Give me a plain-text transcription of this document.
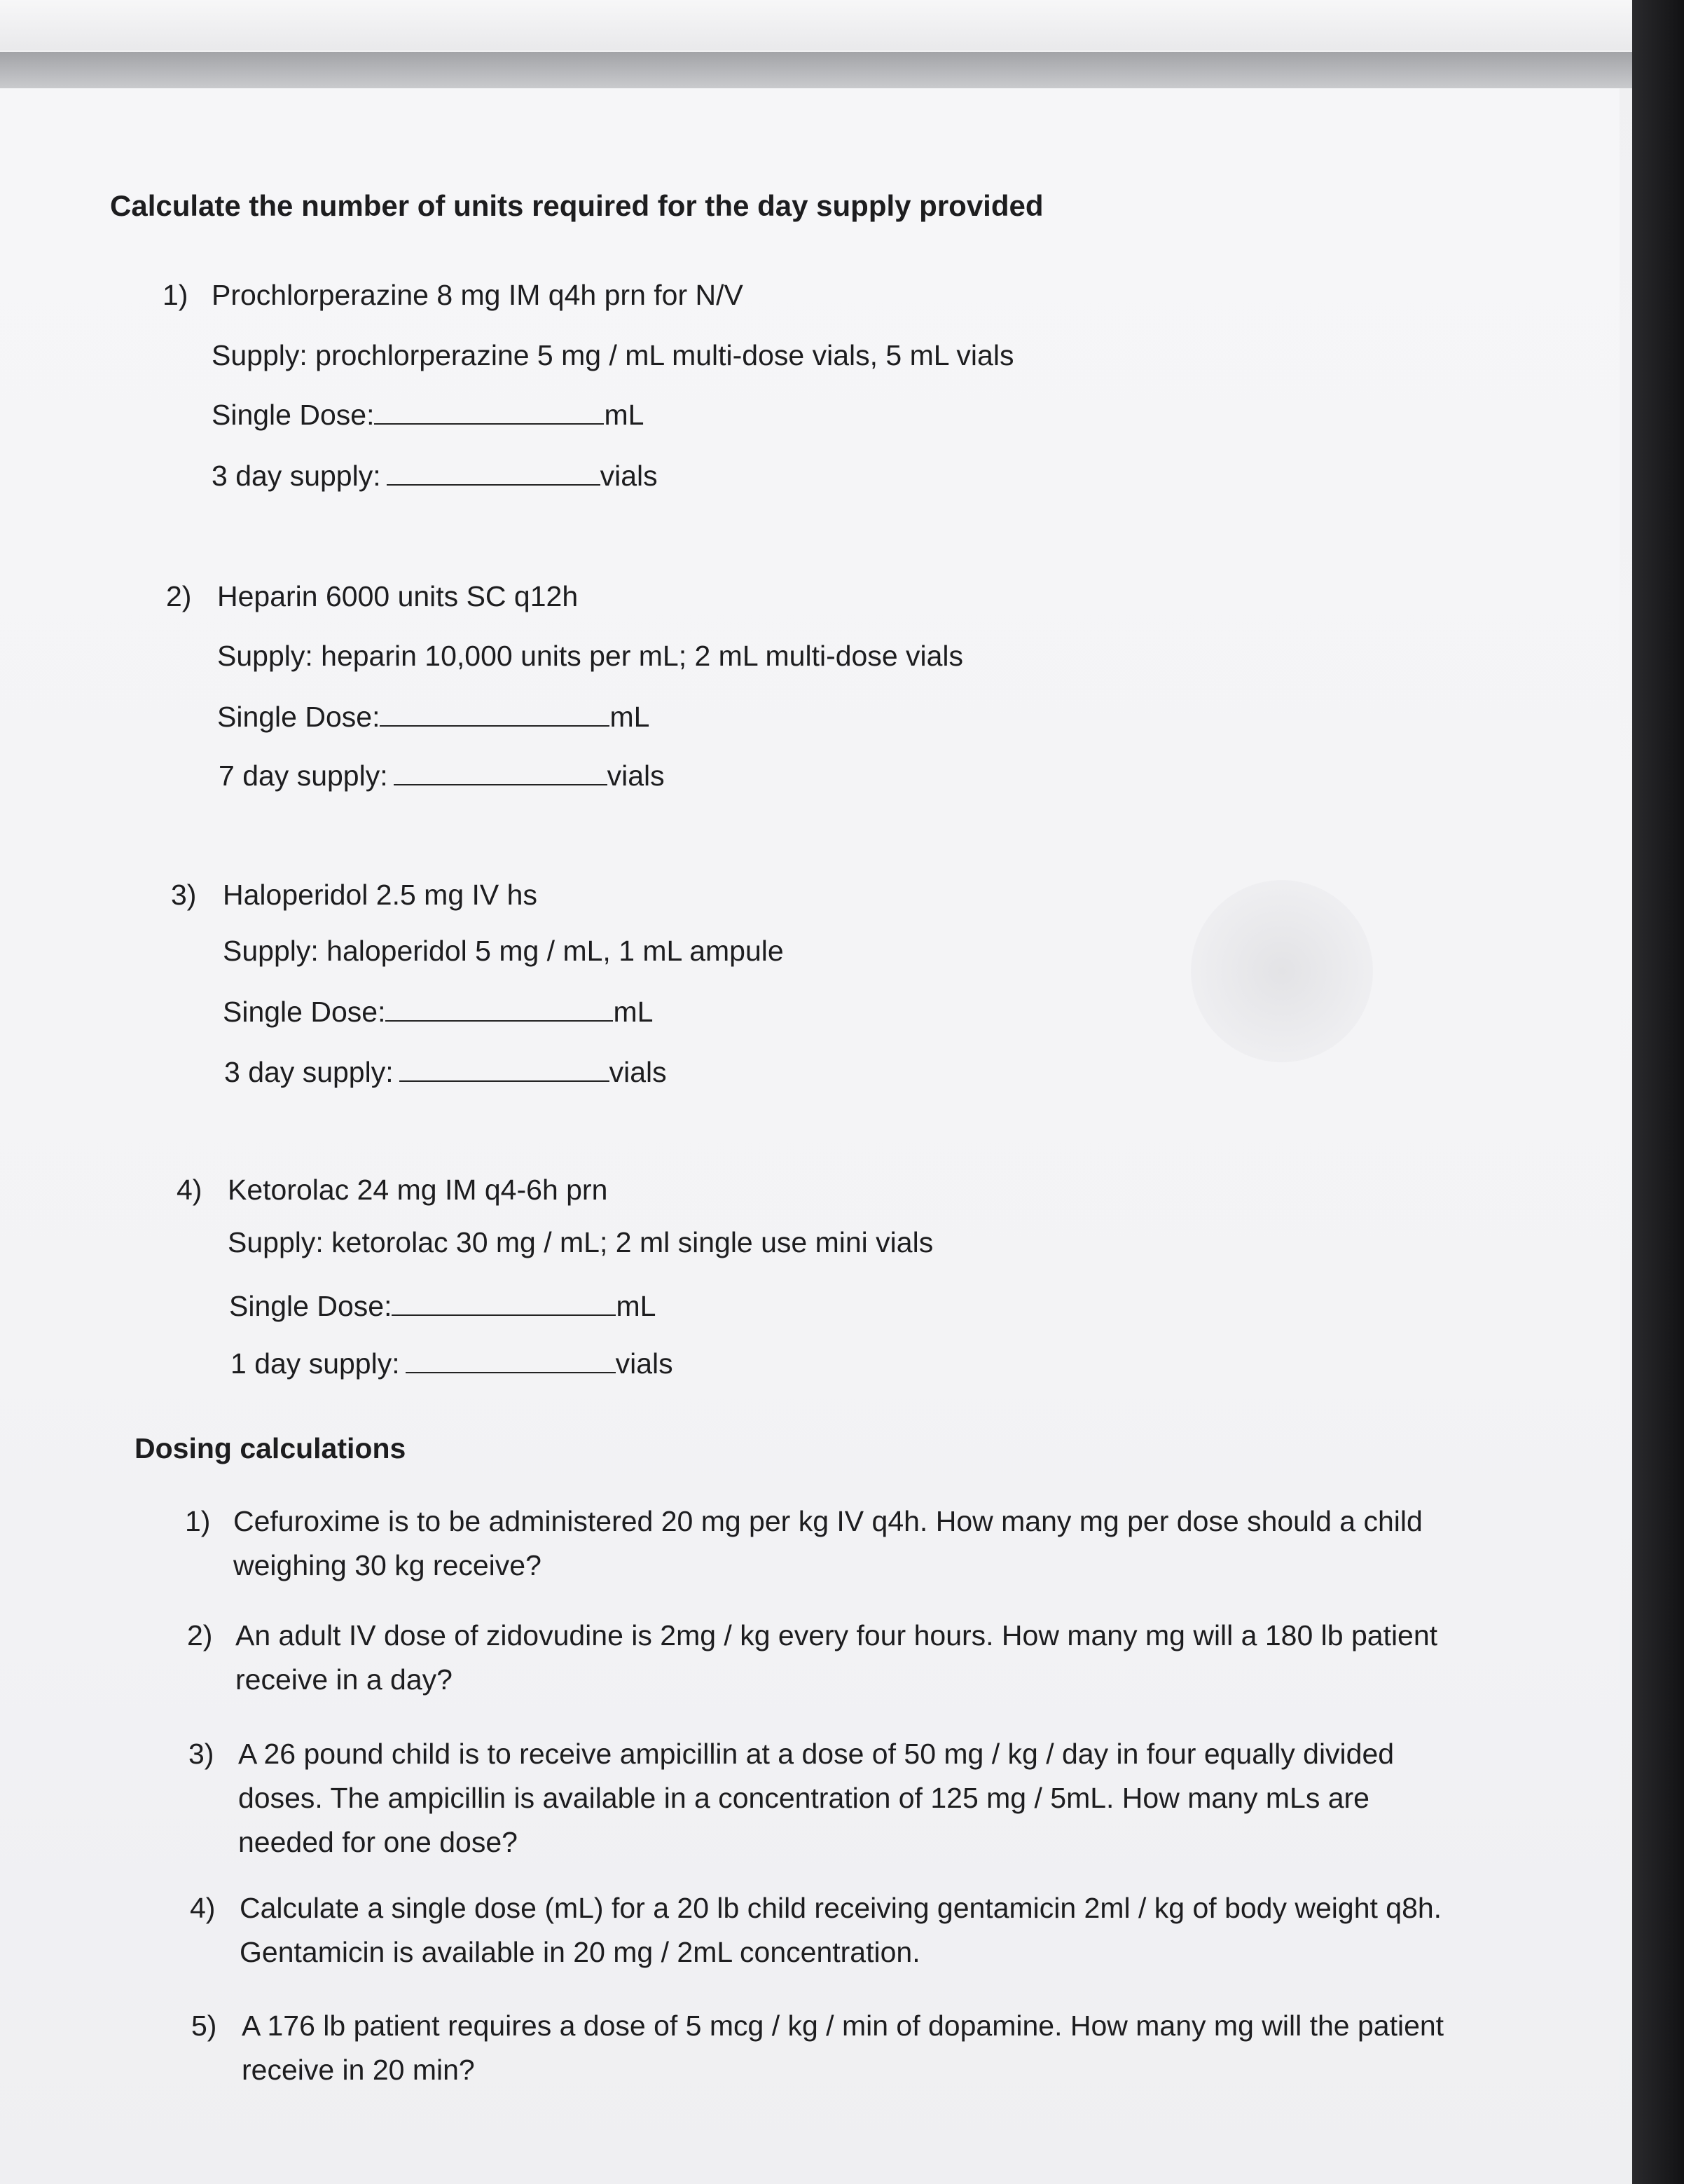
Calculate the number of units required for the day supply provided
1) Prochlorperazine 8 mg IM q4h prn for N/V
Supply: prochlorperazine 5 mg / mL multi-dose vials, 5 mL vials
Single Dose:	mL
3 day supply:	vials
2) Heparin 6000 units SC q12h
Supply: heparin 10,000 units per mL; 2 mL multi-dose vials
Single Dose:	mL
7 day supply:	vials
3) Haloperidol 2.5 mg IV hs
Supply: haloperidol 5 mg / mL, 1 mL ampule
Single Dose:	mL
3 day supply:	vials
4) Ketorolac 24 mg IM q4-6h prn
Supply: ketorolac 30 mg / mL; 2 ml single use mini vials
Single Dose:	mL
1 day supply:	vials
Dosing calculations
1) Cefuroxime is to be administered 20 mg per kg IV q4h. How many mg per dose should a child weighing 30 kg receive?
2) An adult IV dose of zidovudine is 2mg / kg every four hours. How many mg will a 180 lb patient receive in a day?
3) A 26 pound child is to receive ampicillin at a dose of 50 mg / kg / day in four equally divided doses. The ampicillin is available in a concentration of 125 mg / 5mL. How many mLs are needed for one dose?
4) Calculate a single dose (mL) for a 20 lb child receiving gentamicin 2ml / kg of body weight q8h. Gentamicin is available in 20 mg / 2mL concentration.
5) A 176 lb patient requires a dose of 5 mcg / kg / min of dopamine. How many mg will the patient receive in 20 min?
